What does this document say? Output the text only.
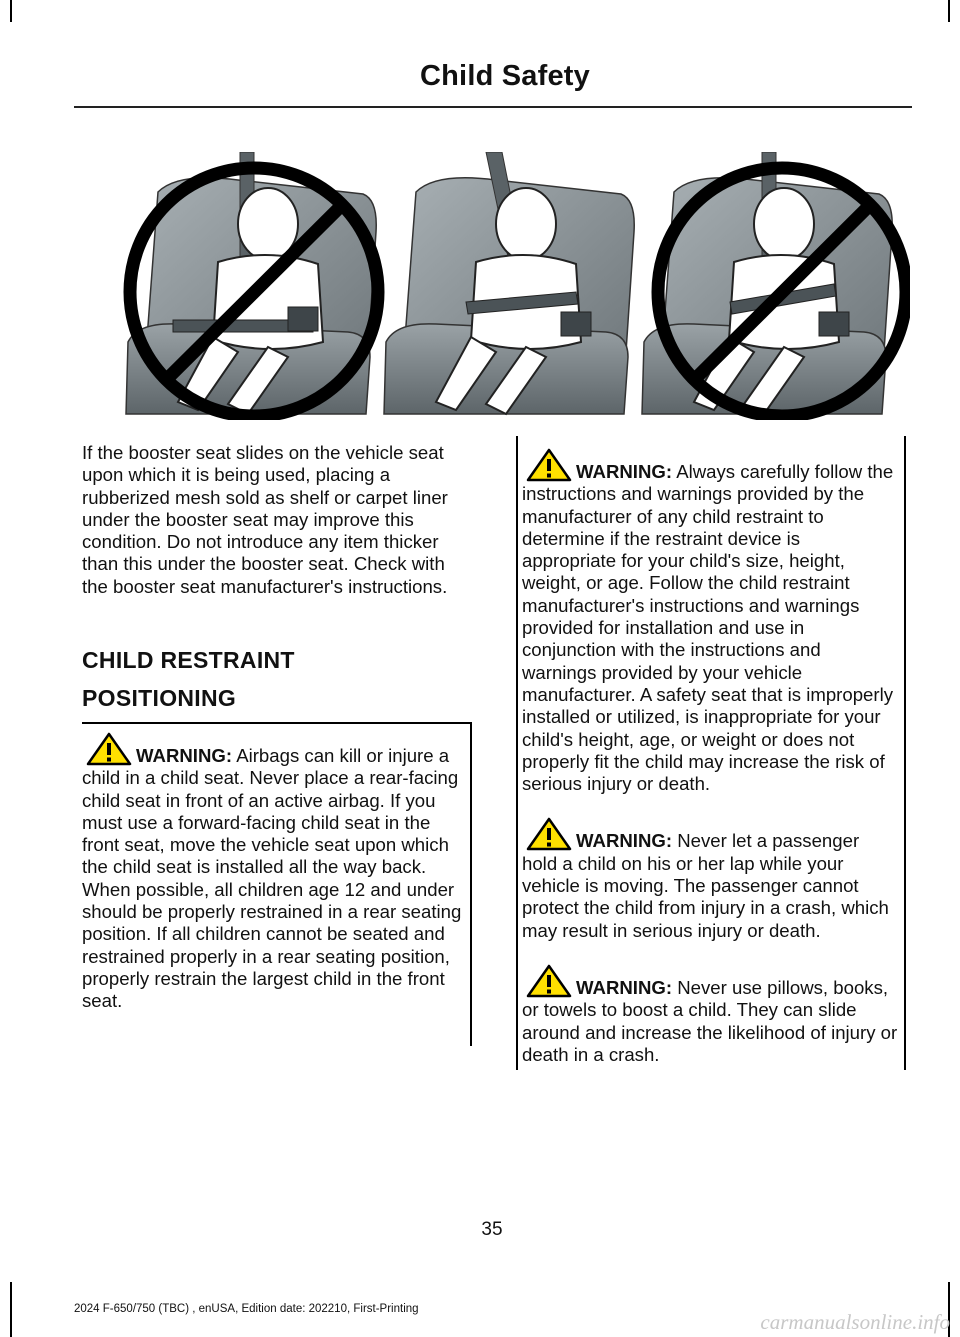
Child Safety
If the booster seat slides on the vehicle seat upon which it is being used, placing a rubberized mesh sold as shelf or carpet liner under the booster seat may improve this condition. Do not introduce any item thicker than this under the booster seat. Check with the booster seat manufacturer's instructions.
CHILD RESTRAINT
POSITIONING

WARNING: Airbags can kill or injure a child in a child seat. Never place a rear-facing child seat in front of an active airbag. If you must use a forward-facing child seat in the front seat, move the vehicle seat upon which the child seat is installed all the way back. When possible, all children age 12 and under should be properly restrained in a rear seating position. If all children cannot be seated and restrained properly in a rear seating position, properly restrain the largest child in the front seat.

WARNING: Always carefully follow the instructions and warnings provided by the manufacturer of any child restraint to determine if the restraint device is appropriate for your child's size, height, weight, or age. Follow the child restraint manufacturer's instructions and warnings provided for installation and use in conjunction with the instructions and warnings provided by your vehicle manufacturer. A safety seat that is improperly installed or utilized, is inappropriate for your child's height, age, or weight or does not properly fit the child may increase the risk of serious injury or death.

WARNING: Never let a passenger hold a child on his or her lap while your vehicle is moving. The passenger cannot protect the child from injury in a crash, which may result in serious injury or death.

WARNING: Never use pillows, books, or towels to boost a child. They can slide around and increase the likelihood of injury or death in a crash.

35
2024 F-650/750 (TBC) , enUSA, Edition date: 202210, First-Printing
carmanualsonline.info
